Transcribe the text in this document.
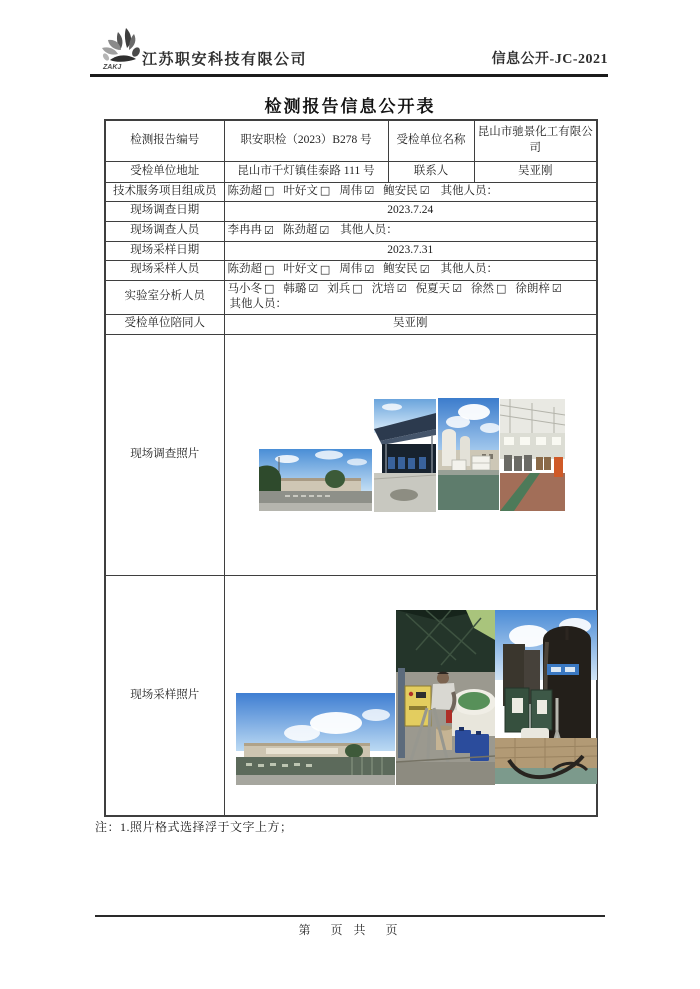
ZAKJ 江苏职安科技有限公司	信息公开-JC-2021
检测报告信息公开表
检测报告编号	职安职检（2023）B278 号	受检单位名称	昆山市驰景化工有限公司
受检单位地址	昆山市千灯镇佳泰路 111 号	联系人	吴亚刚
技术服务项目组成员	陈劲超 □ 叶好文 □ 周伟 ☑ 鲍安民 ☑ 其他人员：		
现场调查日期	2023.7.24		
现场调查人员	李冉冉 ☑ 陈劲超 ☑ 其他人员：		
现场采样日期	2023.7.31		
现场采样人员	陈劲超 □ 叶好文 □ 周伟 ☑ 鲍安民 ☑ 其他人员：		
实验室分析人员	马小冬 □ 韩璐 ☑ 刘兵 □ 沈培 ☑ 倪夏天 ☑ 徐然 □ 徐朗梓 ☑
其他人员：		
受检单位陪同人	吴亚刚		
现场调查照片	

现场采样照片	
注：1.照片格式选择浮于文字上方；
第　页 共　页
